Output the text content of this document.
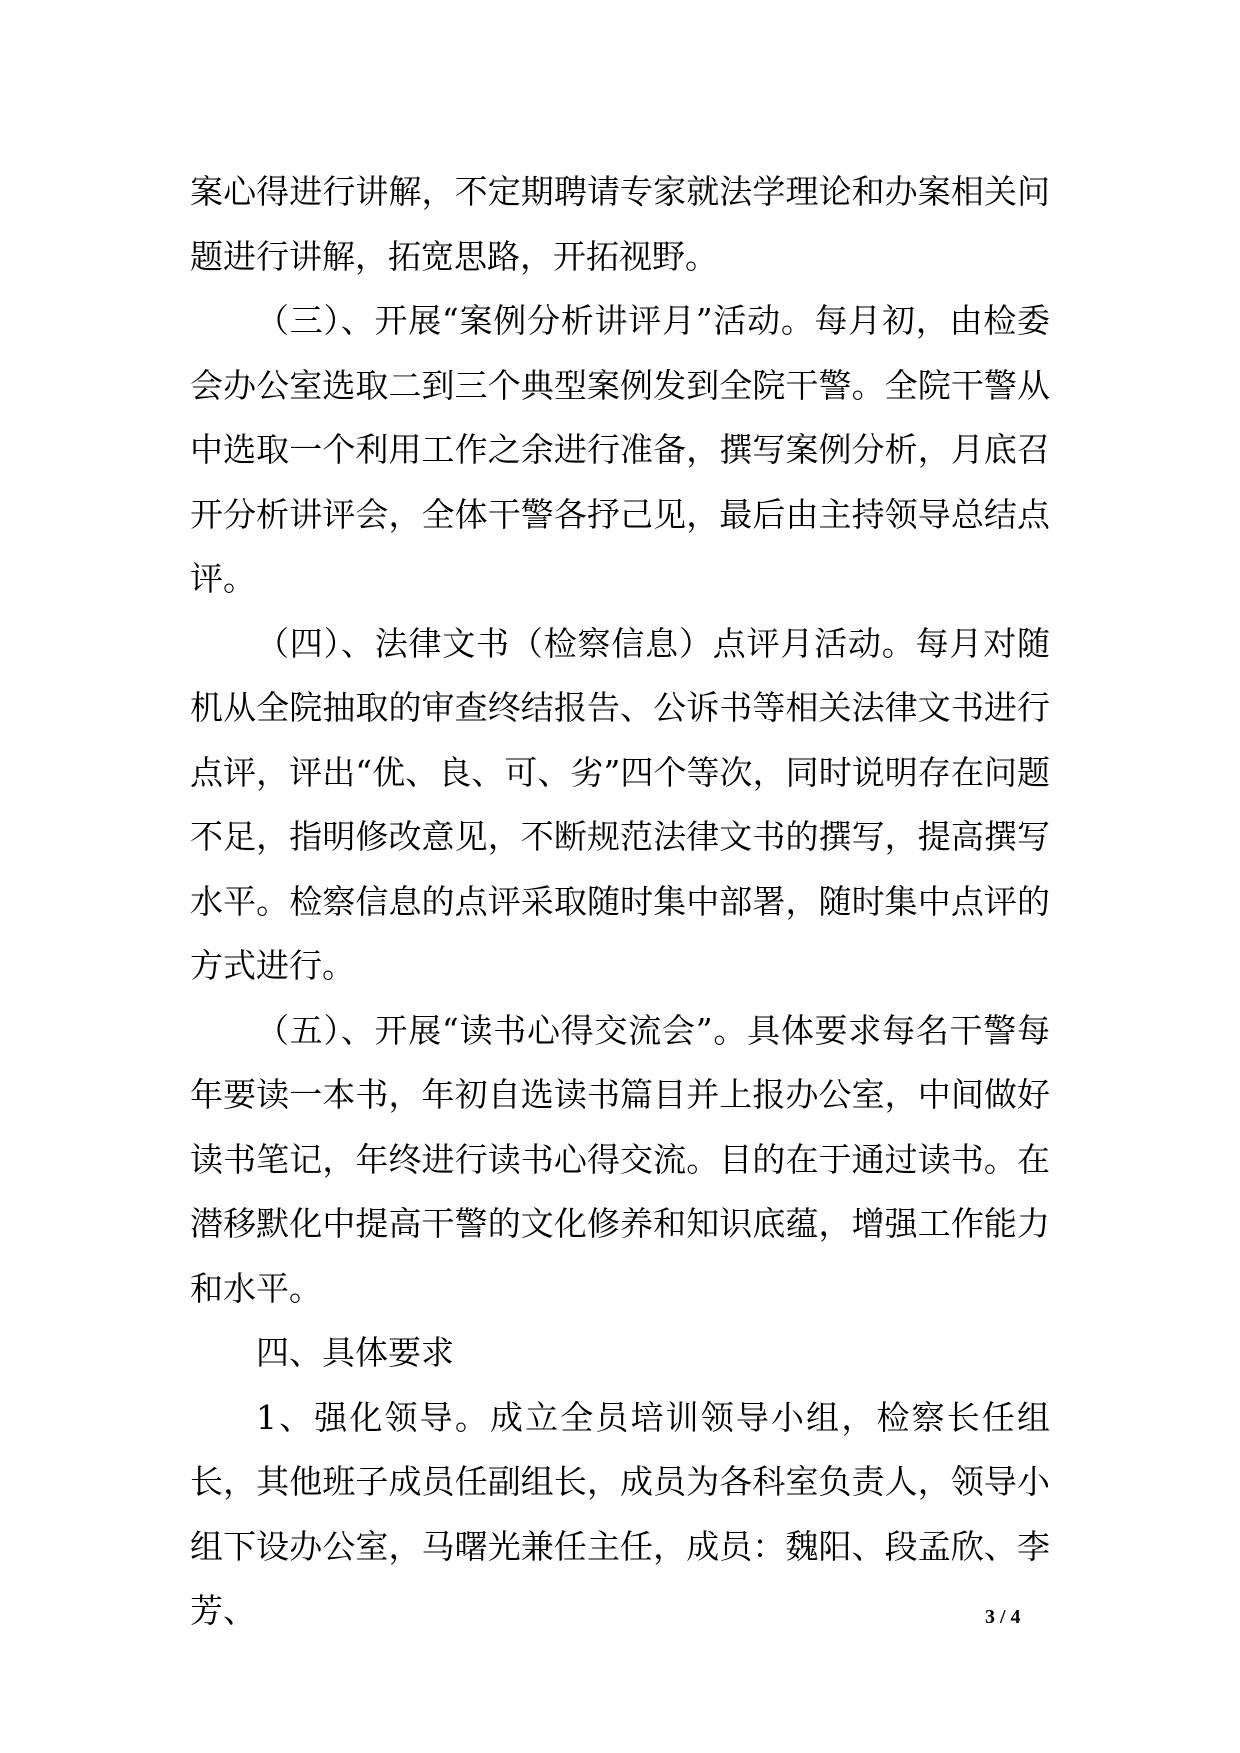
案心得进行讲解，不定期聘请专家就法学理论和办案相关问题进行讲解，拓宽思路，开拓视野。

（三）、开展“案例分析讲评月”活动。每月初，由检委会办公室选取二到三个典型案例发到全院干警。全院干警从中选取一个利用工作之余进行准备，撰写案例分析，月底召开分析讲评会，全体干警各抒己见，最后由主持领导总结点评。

（四）、法律文书（检察信息）点评月活动。每月对随机从全院抽取的审查终结报告、公诉书等相关法律文书进行点评，评出“优、良、可、劣”四个等次，同时说明存在问题不足，指明修改意见，不断规范法律文书的撰写，提高撰写水平。检察信息的点评采取随时集中部署，随时集中点评的方式进行。

（五）、开展“读书心得交流会”。具体要求每名干警每年要读一本书，年初自选读书篇目并上报办公室，中间做好读书笔记，年终进行读书心得交流。目的在于通过读书。在潜移默化中提高干警的文化修养和知识底蕴，增强工作能力和水平。

四、具体要求

1、强化领导。成立全员培训领导小组，检察长任组长，其他班子成员任副组长，成员为各科室负责人，领导小组下设办公室，马曙光兼任主任，成员：魏阳、段孟欣、李芳、	3 / 4
